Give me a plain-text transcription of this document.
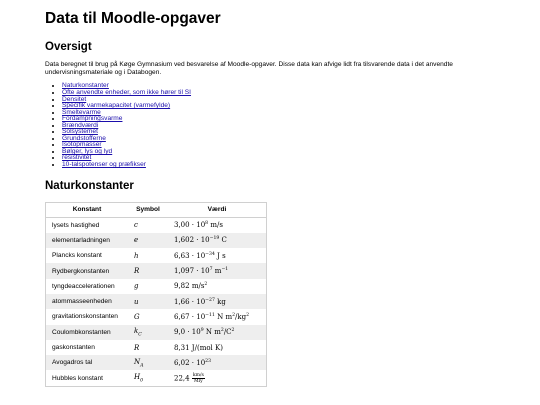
Data til Moodle-opgaver
Oversigt

Data beregnet til brug på Køge Gymnasium ved besvarelse af Moodle-opgaver. Disse data kan afvige lidt fra tilsvarende data i det anvendte undervisningsmateriale og i Databogen.

• Naturkonstanter
• Ofte anvendte enheder, som ikke hører til SI
• Densitet
• Specifik varmekapacitet (varmefylde)
• Smeltevarme
• Fordampningsvarme
• Brændværdi
• Solsystemet
• Grundstofferne
• Isotopmasser
• Bølger, lys og lyd
• resistivitet
• 10-talspotenser og præfikser
Naturkonstanter
Konstant	Symbol	Værdi
lysets hastighed	c	$3,00 \cdot 10^8$ m/s
elementarladningen	e	$1,602 \cdot 10^{-19}$ C
Plancks konstant	h	$6,63 \cdot 10^{-34}$ J s
Rydbergkonstanten	R	$1,097 \cdot 10^7$ $m^{-1}$
tyngdeaccelerationen	g	9,82 $m/s^2$
atommasseenheden	u	$1,66 \cdot 10^{-27}$ kg
gravitationskonstanten	G	$6,67 \cdot 10^{-11}$ N $m^2/kg^2$
Coulombkonstanten	$k_C$	$9,0 \cdot 10^9$ N $m^2/C^2$
gaskonstanten	R	8,31 J/(mol K)
Avogadros tal	$N_A$	$6,02 \cdot 10^{23}$
Hubbles konstant	$H_0$	$22,4 \frac{km/s}{\text{Mly}}$
